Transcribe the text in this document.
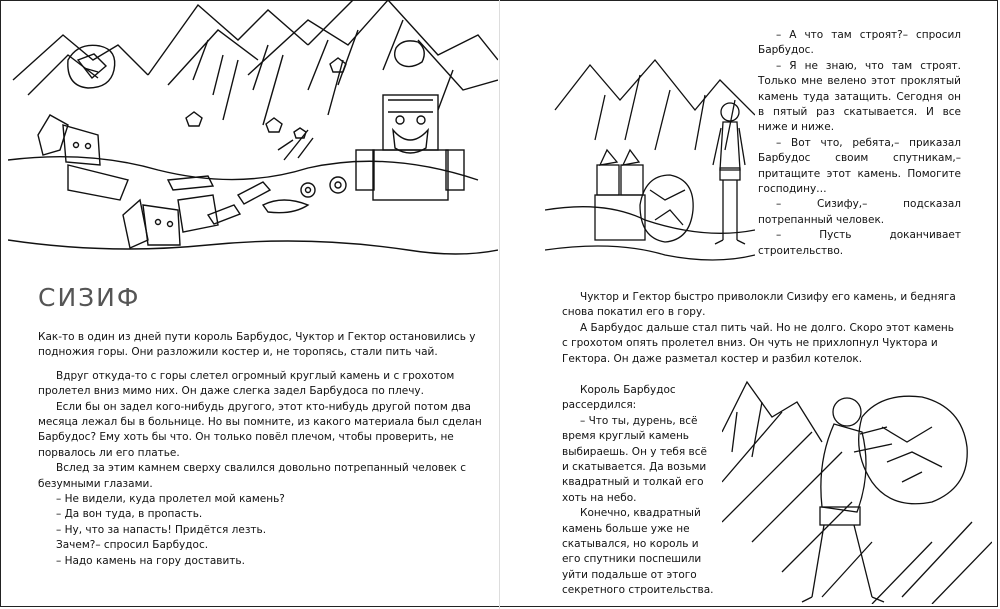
СИЗИФ

Как-то в один из дней пути король Барбудос, Чуктор и Гектор остановились у подножия горы. Они разложили костер и, не торопясь, стали пить чай.

Вдруг откуда-то с горы слетел огромный круглый камень и с грохотом пролетел вниз мимо них. Он даже слегка задел Барбудоса по плечу.

Если бы он задел кого-нибудь другого, этот кто-нибудь другой потом два месяца лежал бы в больнице. Но вы помните, из какого материала был сделан Барбудос? Ему хоть бы что. Он только повёл плечом, чтобы проверить, не порвалось ли его платье.

Вслед за этим камнем сверху свалился довольно потрепанный человек с безумными глазами.

– Не видели, куда пролетел мой камень?

– Да вон туда, в пропасть.

– Ну, что за напасть! Придётся лезть.

Зачем?– спросил Барбудос.

– Надо камень на гору доставить.

– А что там строят?– спросил Барбудос.

– Я не знаю, что там строят. Только мне велено этот проклятый камень туда затащить. Сегодня он в пятый раз скатывается. И все ниже и ниже.

– Вот что, ребята,– приказал Барбудос своим спутникам,– притащите этот камень. Помогите господину…

– Сизифу,– подсказал потрепанный человек.

– Пусть доканчивает строительство.

Чуктор и Гектор быстро приволокли Сизифу его камень, и бедняга снова покатил его в гору.

А Барбудос дальше стал пить чай. Но не долго. Скоро этот камень с грохотом опять пролетел вниз. Он чуть не прихлопнул Чуктора и Гектора. Он даже разметал костер и разбил котелок.

Король Барбудос рассердился:

– Что ты, дурень, всё время круглый камень выбираешь. Он у тебя всё и скатывается. Да возьми квадратный и толкай его хоть на небо.

Конечно, квадратный камень больше уже не скатывался, но король и его спутники поспешили уйти подальше от этого секретного строительства.
